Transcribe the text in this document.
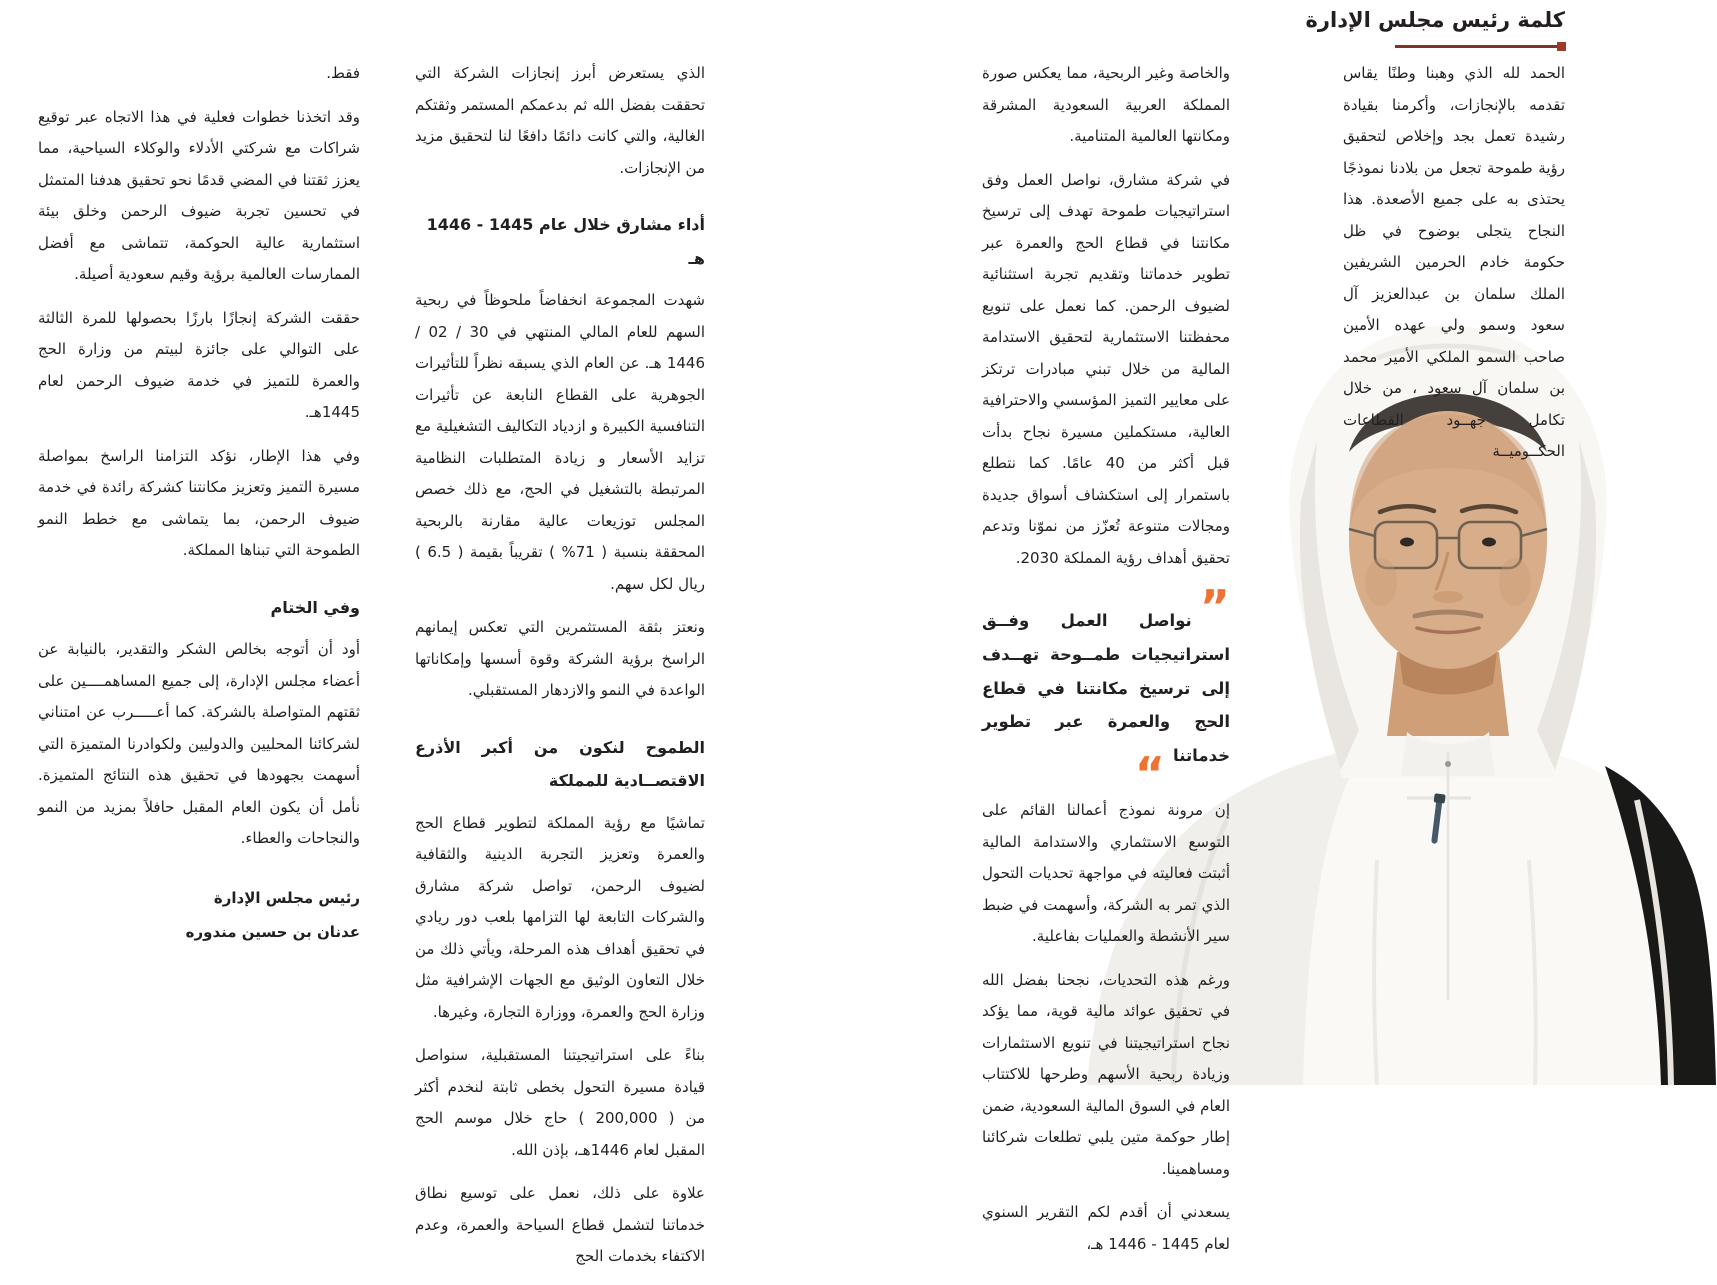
كلمة رئيس مجلس الإدارة

الحمد لله الذي وهبنا وطنًا يقاس تقدمه بالإنجازات، وأكرمنا بقيادة رشيدة تعمل بجد وإخلاص لتحقيق رؤية طموحة تجعل من بلادنا نموذجًا يحتذى به على جميع الأصعدة. هذا النجاح يتجلى بوضوح في ظل حكومة خادم الحرمين الشريفين الملك سلمان بن عبدالعزيز آل سعود وسمو ولي عهده الأمين صاحب السمو الملكي الأمير محمد بن سلمان آل سعود ، من خلال تكامل جهــود القطاعات الحكــوميــة

والخاصة وغير الربحية، مما يعكس صورة المملكة العربية السعودية المشرقة ومكانتها العالمية المتنامية.

في شركة مشارق، نواصل العمل وفق استراتيجيات طموحة تهدف إلى ترسيخ مكانتنا في قطاع الحج والعمرة عبر تطوير خدماتنا وتقديم تجربة استثنائية لضيوف الرحمن. كما نعمل على تنويع محفظتنا الاستثمارية لتحقيق الاستدامة المالية من خلال تبني مبادرات ترتكز على معايير التميز المؤسسي والاحترافية العالية، مستكملين مسيرة نجاح بدأت قبل أكثر من 40 عامًا. كما نتطلع باستمرار إلى استكشاف أسواق جديدة ومجالات متنوعة تُعزّز من نموّنا وتدعم تحقيق أهداف رؤية المملكة 2030.

”نواصل العمل وفــق استراتيجيات طمــوحة تهــدف إلى ترسيخ مكانتنا في قطاع الحج والعمرة عبر تطوير خدماتنا“

إن مرونة نموذج أعمالنا القائم على التوسع الاستثماري والاستدامة المالية أثبتت فعاليته في مواجهة تحديات التحول الذي تمر به الشركة، وأسهمت في ضبط سير الأنشطة والعمليات بفاعلية.

ورغم هذه التحديات، نجحنا بفضل الله في تحقيق عوائد مالية قوية، مما يؤكد نجاح استراتيجيتنا في تنويع الاستثمارات وزيادة ربحية الأسهم وطرحها للاكتتاب العام في السوق المالية السعودية، ضمن إطار حوكمة متين يلبي تطلعات شركائنا ومساهمينا.

يسعدني أن أقدم لكم التقرير السنوي لعام 1445 - 1446 هـ،

الذي يستعرض أبرز إنجازات الشركة التي تحققت بفضل الله ثم بدعمكم المستمر وثقتكم الغالية، والتي كانت دائمًا دافعًا لنا لتحقيق مزيد من الإنجازات.

أداء مشارق خلال عام 1445 - 1446 هـ

شهدت المجموعة انخفاضاً ملحوظاً في ربحية السهم للعام المالي المنتهي في 30 / 02 / 1446 هـ. عن العام الذي يسبقه نظراً للتأثيرات الجوهرية على القطاع النابعة عن تأثيرات التنافسية الكبيرة و ازدياد التكاليف التشغيلية مع تزايد الأسعار و زيادة المتطلبات النظامية المرتبطة بالتشغيل في الحج، مع ذلك خصص المجلس توزيعات عالية مقارنة بالربحية المحققة بنسبة ( 71% ) تقريباً بقيمة ( 6.5 ) ريال لكل سهم.

ونعتز بثقة المستثمرين التي تعكس إيمانهم الراسخ برؤية الشركة وقوة أسسها وإمكاناتها الواعدة في النمو والازدهار المستقبلي.

الطموح لنكون من أكبر الأذرع الاقتصــادية للمملكة

تماشيًا مع رؤية المملكة لتطوير قطاع الحج والعمرة وتعزيز التجربة الدينية والثقافية لضيوف الرحمن، تواصل شركة مشارق والشركات التابعة لها التزامها بلعب دور ريادي في تحقيق أهداف هذه المرحلة، ويأتي ذلك من خلال التعاون الوثيق مع الجهات الإشرافية مثل وزارة الحج والعمرة، ووزارة التجارة، وغيرها.

بناءً على استراتيجيتنا المستقبلية، سنواصل قيادة مسيرة التحول بخطى ثابتة لنخدم أكثر من ( 200,000 ) حاج خلال موسم الحج المقبل لعام 1446هـ، بإذن الله.

علاوة على ذلك، نعمل على توسيع نطاق خدماتنا لتشمل قطاع السياحة والعمرة، وعدم الاكتفاء بخدمات الحج

فقط.

وقد اتخذنا خطوات فعلية في هذا الاتجاه عبر توقيع شراكات مع شركتي الأدلاء والوكلاء السياحية، مما يعزز ثقتنا في المضي قدمًا نحو تحقيق هدفنا المتمثل في تحسين تجربة ضيوف الرحمن وخلق بيئة استثمارية عالية الحوكمة، تتماشى مع أفضل الممارسات العالمية برؤية وقيم سعودية أصيلة.

حققت الشركة إنجازًا بارزًا بحصولها للمرة الثالثة على التوالي على جائزة لبيتم من وزارة الحج والعمرة للتميز في خدمة ضيوف الرحمن لعام 1445هـ.

وفي هذا الإطار، نؤكد التزامنا الراسخ بمواصلة مسيرة التميز وتعزيز مكانتنا كشركة رائدة في خدمة ضيوف الرحمن، بما يتماشى مع خطط النمو الطموحة التي تبناها المملكة.

وفي الختام

أود أن أتوجه بخالص الشكر والتقدير، بالنيابة عن أعضاء مجلس الإدارة، إلى جميع المساهمــــين على ثقتهم المتواصلة بالشركة. كما أعـــــرب عن امتناني لشركائنا المحليين والدوليين ولكوادرنا المتميزة التي أسهمت بجهودها في تحقيق هذه النتائج المتميزة. نأمل أن يكون العام المقبل حافلاً بمزيد من النمو والنجاحات والعطاء.

رئيس مجلس الإدارة
عدنان بن حسين مندوره
